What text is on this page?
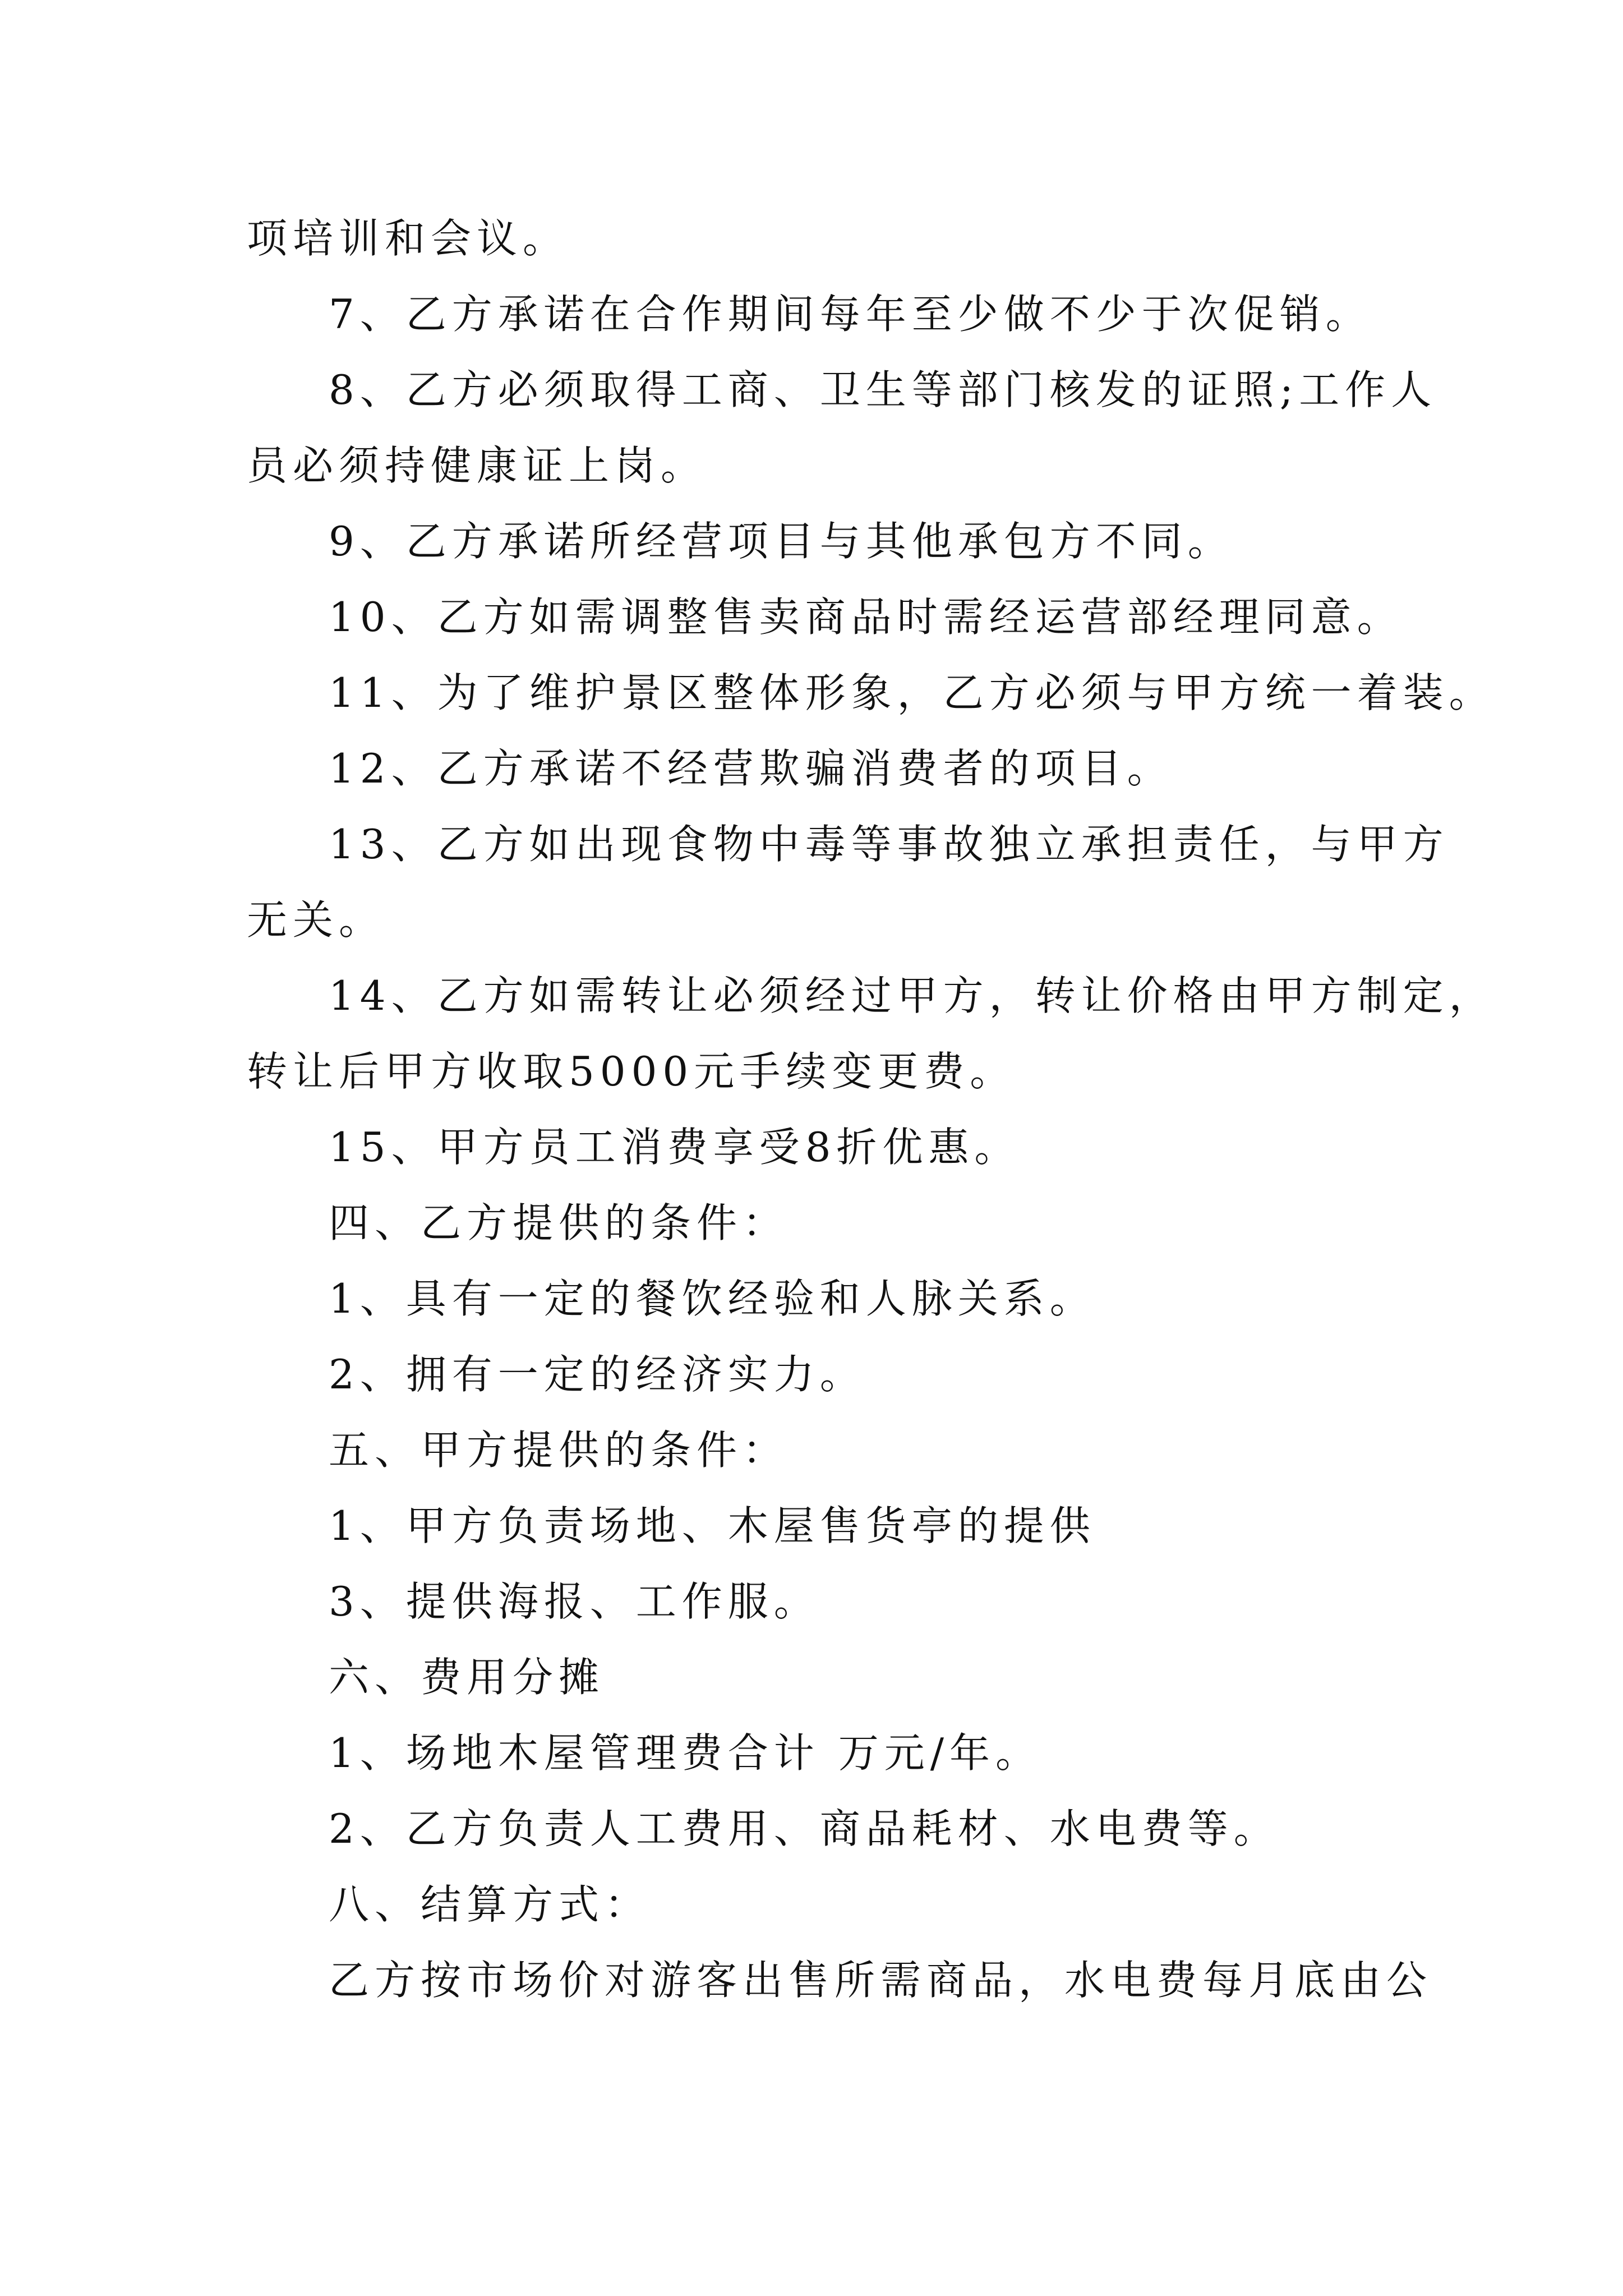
项培训和会议。
7、乙方承诺在合作期间每年至少做不少于次促销。
8、乙方必须取得工商、卫生等部门核发的证照;工作人
员必须持健康证上岗。
9、乙方承诺所经营项目与其他承包方不同。
10、乙方如需调整售卖商品时需经运营部经理同意。
11、为了维护景区整体形象，乙方必须与甲方统一着装。
12、乙方承诺不经营欺骗消费者的项目。
13、乙方如出现食物中毒等事故独立承担责任，与甲方
无关。
14、乙方如需转让必须经过甲方，转让价格由甲方制定，
转让后甲方收取5000元手续变更费。
15、甲方员工消费享受8折优惠。
四、乙方提供的条件：
1、具有一定的餐饮经验和人脉关系。
2、拥有一定的经济实力。
五、甲方提供的条件：
1、甲方负责场地、木屋售货亭的提供
3、提供海报、工作服。
六、费用分摊
1、场地木屋管理费合计 万元/年。
2、乙方负责人工费用、商品耗材、水电费等。
八、结算方式：
乙方按市场价对游客出售所需商品，水电费每月底由公
